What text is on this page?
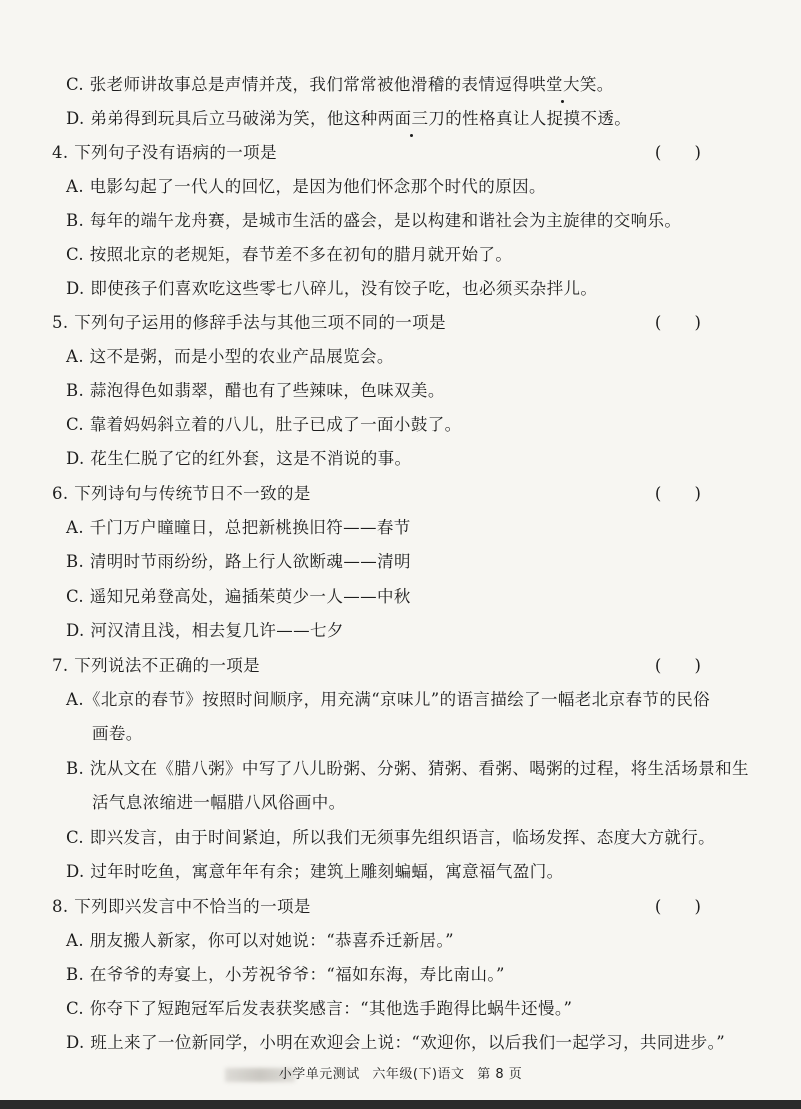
C. 张老师讲故事总是声情并茂，我们常常被他滑稽的表情逗得哄堂大笑。
D. 弟弟得到玩具后立马破涕为笑，他这种两面三刀的性格真让人捉摸不透。
4. 下列句子没有语病的一项是	( )
A. 电影勾起了一代人的回忆，是因为他们怀念那个时代的原因。
B. 每年的端午龙舟赛，是城市生活的盛会，是以构建和谐社会为主旋律的交响乐。
C. 按照北京的老规矩，春节差不多在初旬的腊月就开始了。
D. 即使孩子们喜欢吃这些零七八碎儿，没有饺子吃，也必须买杂拌儿。
5. 下列句子运用的修辞手法与其他三项不同的一项是	( )
A. 这不是粥，而是小型的农业产品展览会。
B. 蒜泡得色如翡翠，醋也有了些辣味，色味双美。
C. 靠着妈妈斜立着的八儿，肚子已成了一面小鼓了。
D. 花生仁脱了它的红外套，这是不消说的事。
6. 下列诗句与传统节日不一致的是	( )
A. 千门万户曈曈日，总把新桃换旧符——春节
B. 清明时节雨纷纷，路上行人欲断魂——清明
C. 遥知兄弟登高处，遍插茱萸少一人——中秋
D. 河汉清且浅，相去复几许——七夕
7. 下列说法不正确的一项是	( )
A.《北京的春节》按照时间顺序，用充满“京味儿”的语言描绘了一幅老北京春节的民俗
画卷。
B. 沈从文在《腊八粥》中写了八儿盼粥、分粥、猜粥、看粥、喝粥的过程，将生活场景和生
活气息浓缩进一幅腊八风俗画中。
C. 即兴发言，由于时间紧迫，所以我们无须事先组织语言，临场发挥、态度大方就行。
D. 过年时吃鱼，寓意年年有余；建筑上雕刻蝙蝠，寓意福气盈门。
8. 下列即兴发言中不恰当的一项是	( )
A. 朋友搬人新家，你可以对她说：“恭喜乔迁新居。”
B. 在爷爷的寿宴上，小芳祝爷爷：“福如东海，寿比南山。”
C. 你夺下了短跑冠军后发表获奖感言：“其他选手跑得比蜗牛还慢。”
D. 班上来了一位新同学，小明在欢迎会上说：“欢迎你，以后我们一起学习，共同进步。”
小学单元测试 六年级(下)语文 第 8 页
